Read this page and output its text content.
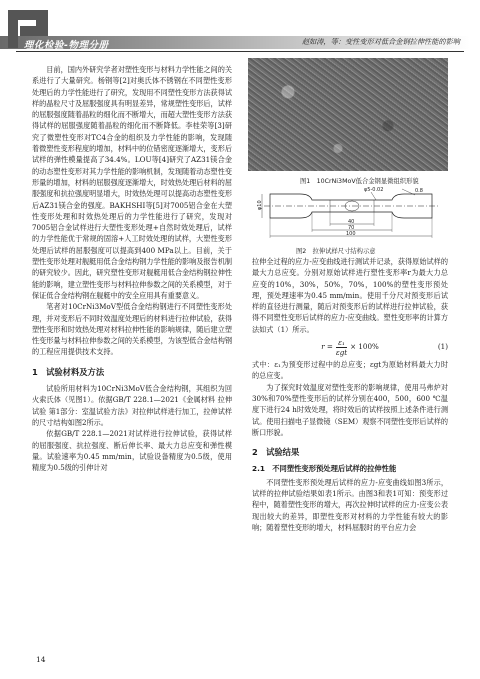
理化检验-物理分册	赵如涛，等：变性变形对低合金钢拉伸性能的影响

目前，国内外研究学者对塑性变形与材料力学性能之间的关系进行了大量研究。杨钢等[2]对奥氏体不锈钢在不同塑性变形处理后的力学性能进行了研究，发现用不同塑性变形方法获得试样的晶粒尺寸及屈服强度具有明显差异，常规塑性变形后，试样的屈服强度随着晶粒的细化而不断增大，而超大塑性变形方法获得试样的屈服强度随着晶粒的细化而不断降低。李桂荣等[3]研究了微塑性变形对TC4合金的组织及力学性能的影响，发现随着微塑性变形程度的增加，材料中的位错密度逐渐增大，变形后试样的弹性模量提高了34.4%。LOU等[4]研究了AZ31镁合金的动态塑性变形对其力学性能的影响机制，发现随着动态塑性变形量的增加，材料的屈服强度逐渐增大，时效热处理后材料的屈服强度和抗拉强度明显增大，时效热处理可以提高动态塑性变形后AZ31镁合金的强度。BAKHSHI等[5]对7005铝合金在大塑性变形处理和时效热处理后的力学性能进行了研究，发现对7005铝合金试样进行大塑性变形处理+自然时效处理后，试样的力学性能优于常规的固溶+人工时效处理的试样，大塑性变形处理后试样的屈服强度可以提高到400 MPa以上。目前，关于塑性变形处理对舰艇用低合金结构钢力学性能的影响及报告机制的研究较少。因此，研究塑性变形对舰艇用低合金结构钢拉伸性能的影响，建立塑性变形与材料拉伸参数之间的关系模型，对于保证低合金结构钢在舰艇中的安全应用具有重要意义。

笔者对10CrNi3MoV型低合金结构钢进行不同塑性变形处理，并对变形后不同时效温度处理后的材料进行拉伸试验，获得塑性变形和时效热处理对材料拉伸性能的影响规律，随后建立塑性变形量与材料拉伸参数之间的关系模型，为该型低合金结构钢的工程应用提供技术支持。

1　试验材料及方法

试验所用材料为10CrNi3MoV低合金结构钢，其组织为回火索氏体（见图1）。依据GB/T 228.1—2021《金属材料 拉伸试验 第1部分：室温试验方法》对拉伸试样进行加工，拉伸试样的尺寸结构如图2所示。

依据GB/T 228.1—2021对试样进行拉伸试验，获得试样的屈服强度、抗拉强度、断后伸长率、最大力总应变和弹性模量。试验速率为0.45 mm/min，试验设备精度为0.5级，使用精度为0.5级的引伸计对

图1　10CrNi3MoV低合金钢显微组织形貌
φ10
φ5-0.02	0.8
40
70
100
图2　拉伸试样尺寸结构示意

拉伸全过程的应力-应变曲线进行测试并记录，获得原始试样的最大力总应变。分别对原始试样进行塑性变形率r为最大力总应变的10%，30%，50%，70%，100%的塑性变形预处理，预处理速率为0.45 mm/min。使用千分尺对预变形后试样的直径进行测量，随后对预变形后的试样进行拉伸试验，获得不同塑性变形后试样的应力-应变曲线。塑性变形率的计算方法如式（1）所示。

$r = \frac{\text{ε₁}}{\text{εgt}} \times 100\%$	(1)

式中：ε₁为预变形过程中的总应变；εgt为原始材料最大力时的总应变。

为了探究时效温度对塑性变形的影响规律，使用马弗炉对30%和70%塑性变形后的试样分别在400，500，600 ℃温度下进行24 h时效处理，将时效后的试样按照上述条件进行测试。使用扫描电子显微镜（SEM）观察不同塑性变形后试样的断口形貌。

2　试验结果
2.1　不同塑性变形预处理后试样的拉伸性能

不同塑性变形预处理后试样的应力-应变曲线如图3所示，试样的拉伸试验结果如表1所示。由图3和表1可知：预变形过程中，随着塑性变形的增大，再次拉伸时试样的应力-应变公表现出较大的差异，即塑性变形对材料的力学性能有较大的影响；随着塑性变形的增大，材料屈服时的平台应力会

14
